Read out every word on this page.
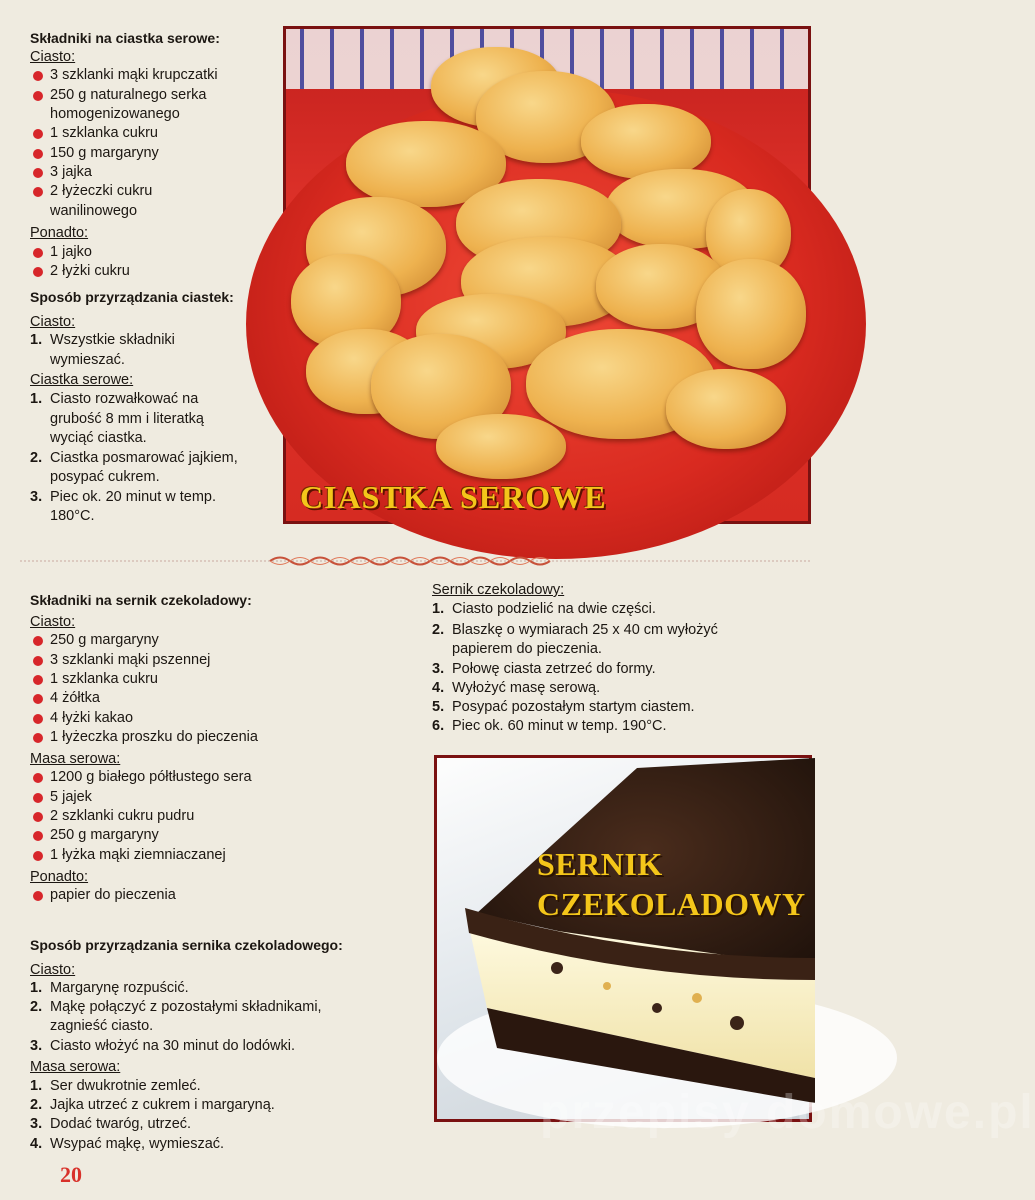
Składniki na ciastka serowe:
Ciasto:
3 szklanki mąki krupczatki
250 g naturalnego serka
homogenizowanego
1 szklanka cukru
150 g margaryny
3 jajka
2 łyżeczki cukru
wanilinowego
Ponadto:
1 jajko
2 łyżki cukru
Sposób przyrządzania ciastek:
Ciasto:
1. Wszystkie składniki
wymieszać.
Ciastka serowe:
1. Ciasto rozwałkować na
grubość 8 mm i literatką
wyciąć ciastka.
2. Ciastka posmarować jajkiem,
posypać cukrem.
3. Piec ok. 20 minut w temp.
180°C.
CIASTKA SEROWE
Składniki na sernik czekoladowy:
Ciasto:
250 g margaryny
3 szklanki mąki pszennej
1 szklanka cukru
4 żółtka
4 łyżki kakao
1 łyżeczka proszku do pieczenia
Masa serowa:
1200 g białego półtłustego sera
5 jajek
2 szklanki cukru pudru
250 g margaryny
1 łyżka mąki ziemniaczanej
Ponadto:
papier do pieczenia
Sposób przyrządzania sernika czekoladowego:
Ciasto:
1. Margarynę rozpuścić.
2. Mąkę połączyć z pozostałymi składnikami,
zagnieść ciasto.
3. Ciasto włożyć na 30 minut do lodówki.
Masa serowa:
1. Ser dwukrotnie zemleć.
2. Jajka utrzeć z cukrem i margaryną.
3. Dodać twaróg, utrzeć.
4. Wsypać mąkę, wymieszać.
Sernik czekoladowy:
1. Ciasto podzielić na dwie części.
2. Blaszkę o wymiarach 25 x 40 cm wyłożyć
papierem do pieczenia.
3. Połowę ciasta zetrzeć do formy.
4. Wyłożyć masę serową.
5. Posypać pozostałym startym ciastem.
6. Piec ok. 60 minut w temp. 190°C.
SERNIK
CZEKOLADOWY
przepisy domowe.pl
20
